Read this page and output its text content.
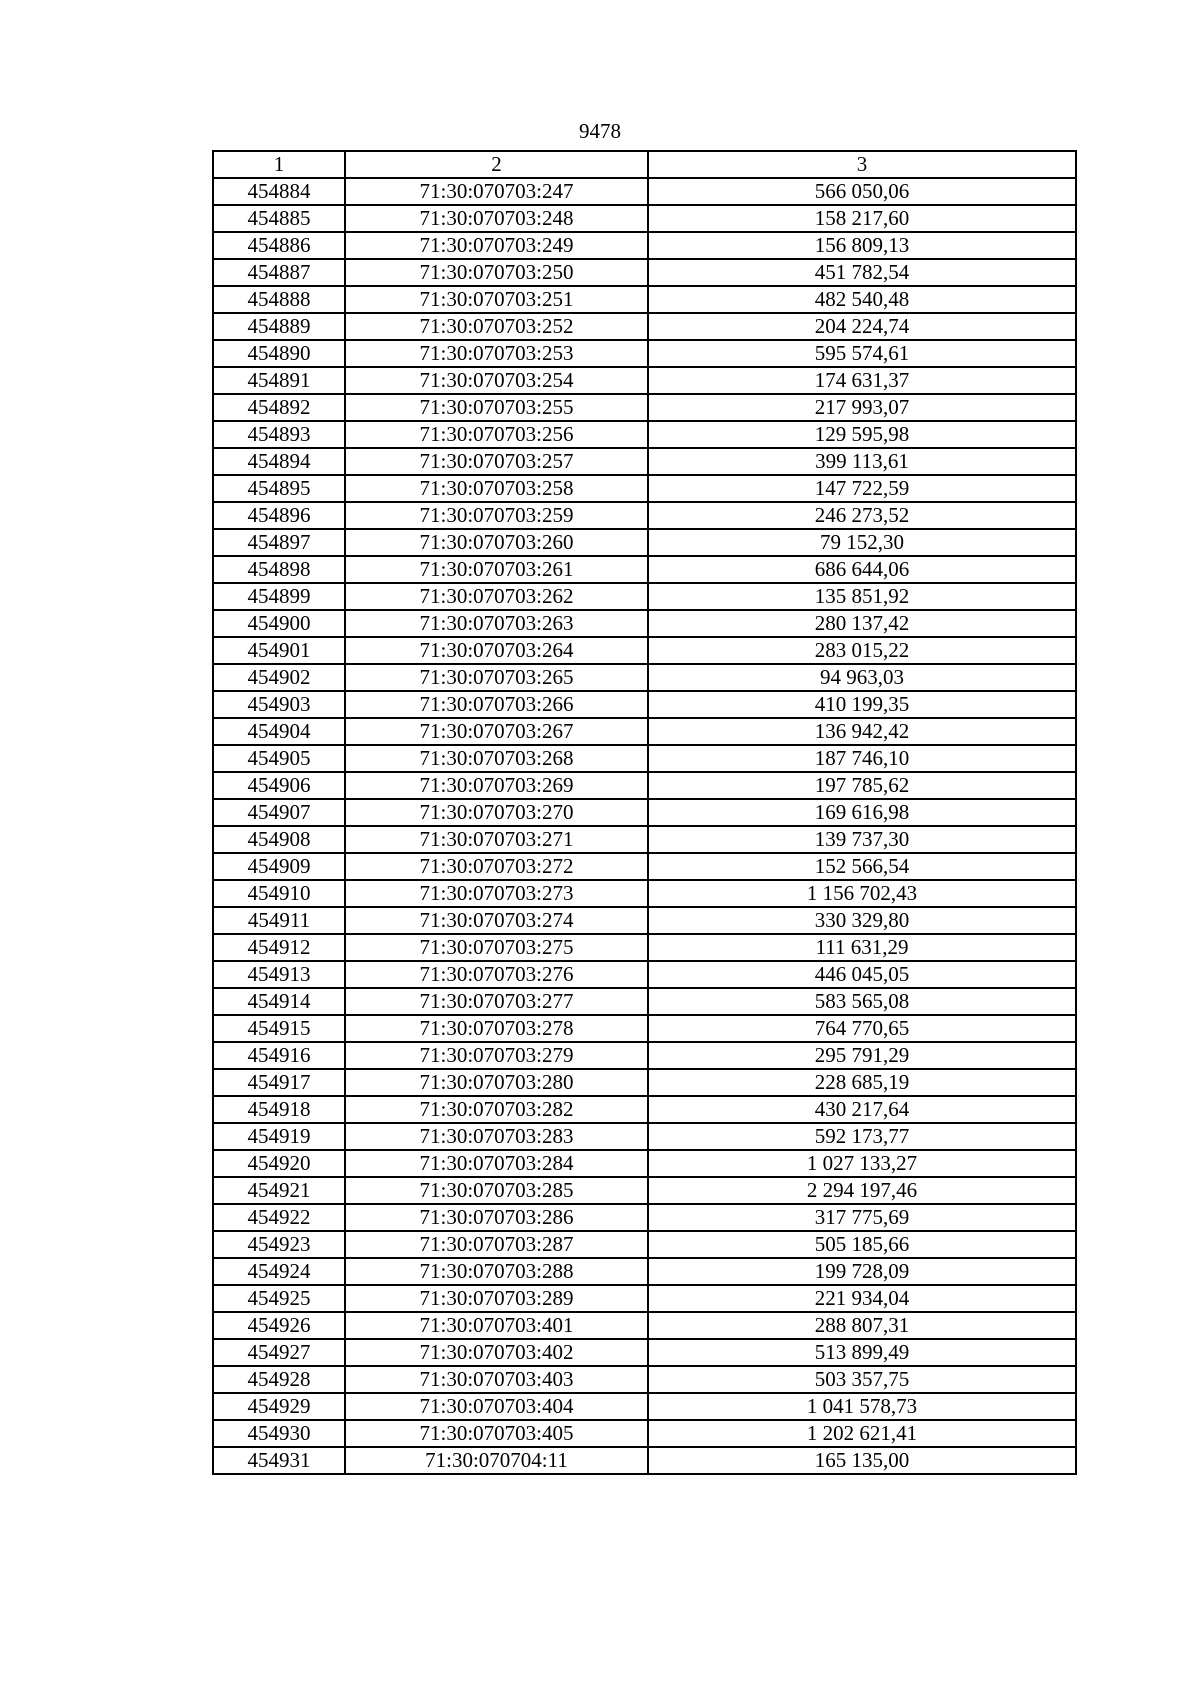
9478
1	2	3
454884	71:30:070703:247	566 050,06
454885	71:30:070703:248	158 217,60
454886	71:30:070703:249	156 809,13
454887	71:30:070703:250	451 782,54
454888	71:30:070703:251	482 540,48
454889	71:30:070703:252	204 224,74
454890	71:30:070703:253	595 574,61
454891	71:30:070703:254	174 631,37
454892	71:30:070703:255	217 993,07
454893	71:30:070703:256	129 595,98
454894	71:30:070703:257	399 113,61
454895	71:30:070703:258	147 722,59
454896	71:30:070703:259	246 273,52
454897	71:30:070703:260	79 152,30
454898	71:30:070703:261	686 644,06
454899	71:30:070703:262	135 851,92
454900	71:30:070703:263	280 137,42
454901	71:30:070703:264	283 015,22
454902	71:30:070703:265	94 963,03
454903	71:30:070703:266	410 199,35
454904	71:30:070703:267	136 942,42
454905	71:30:070703:268	187 746,10
454906	71:30:070703:269	197 785,62
454907	71:30:070703:270	169 616,98
454908	71:30:070703:271	139 737,30
454909	71:30:070703:272	152 566,54
454910	71:30:070703:273	1 156 702,43
454911	71:30:070703:274	330 329,80
454912	71:30:070703:275	111 631,29
454913	71:30:070703:276	446 045,05
454914	71:30:070703:277	583 565,08
454915	71:30:070703:278	764 770,65
454916	71:30:070703:279	295 791,29
454917	71:30:070703:280	228 685,19
454918	71:30:070703:282	430 217,64
454919	71:30:070703:283	592 173,77
454920	71:30:070703:284	1 027 133,27
454921	71:30:070703:285	2 294 197,46
454922	71:30:070703:286	317 775,69
454923	71:30:070703:287	505 185,66
454924	71:30:070703:288	199 728,09
454925	71:30:070703:289	221 934,04
454926	71:30:070703:401	288 807,31
454927	71:30:070703:402	513 899,49
454928	71:30:070703:403	503 357,75
454929	71:30:070703:404	1 041 578,73
454930	71:30:070703:405	1 202 621,41
454931	71:30:070704:11	165 135,00
